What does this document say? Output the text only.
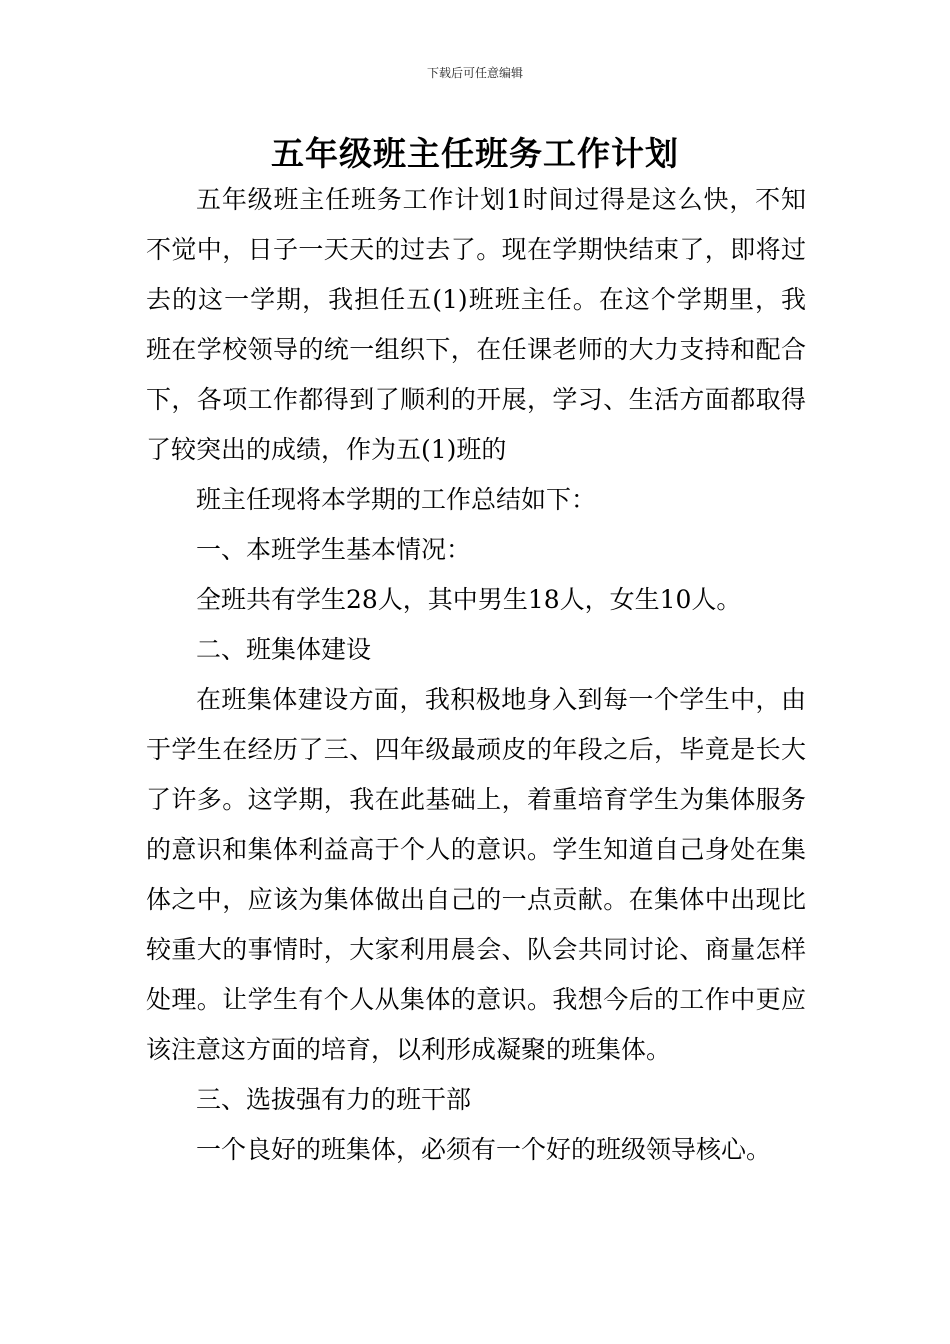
下载后可任意编辑
五年级班主任班务工作计划

五年级班主任班务工作计划1时间过得是这么快，不知不觉中，日子一天天的过去了。现在学期快结束了，即将过去的这一学期，我担任五(1)班班主任。在这个学期里，我班在学校领导的统一组织下，在任课老师的大力支持和配合下，各项工作都得到了顺利的开展，学习、生活方面都取得了较突出的成绩，作为五(1)班的

班主任现将本学期的工作总结如下：

一、本班学生基本情况：

全班共有学生28人，其中男生18人，女生10人。

二、班集体建设

在班集体建设方面，我积极地身入到每一个学生中，由于学生在经历了三、四年级最顽皮的年段之后，毕竟是长大了许多。这学期，我在此基础上，着重培育学生为集体服务的意识和集体利益高于个人的意识。学生知道自己身处在集体之中，应该为集体做出自己的一点贡献。在集体中出现比较重大的事情时，大家利用晨会、队会共同讨论、商量怎样处理。让学生有个人从集体的意识。我想今后的工作中更应该注意这方面的培育，以利形成凝聚的班集体。

三、选拔强有力的班干部

一个良好的班集体，必须有一个好的班级领导核心。
